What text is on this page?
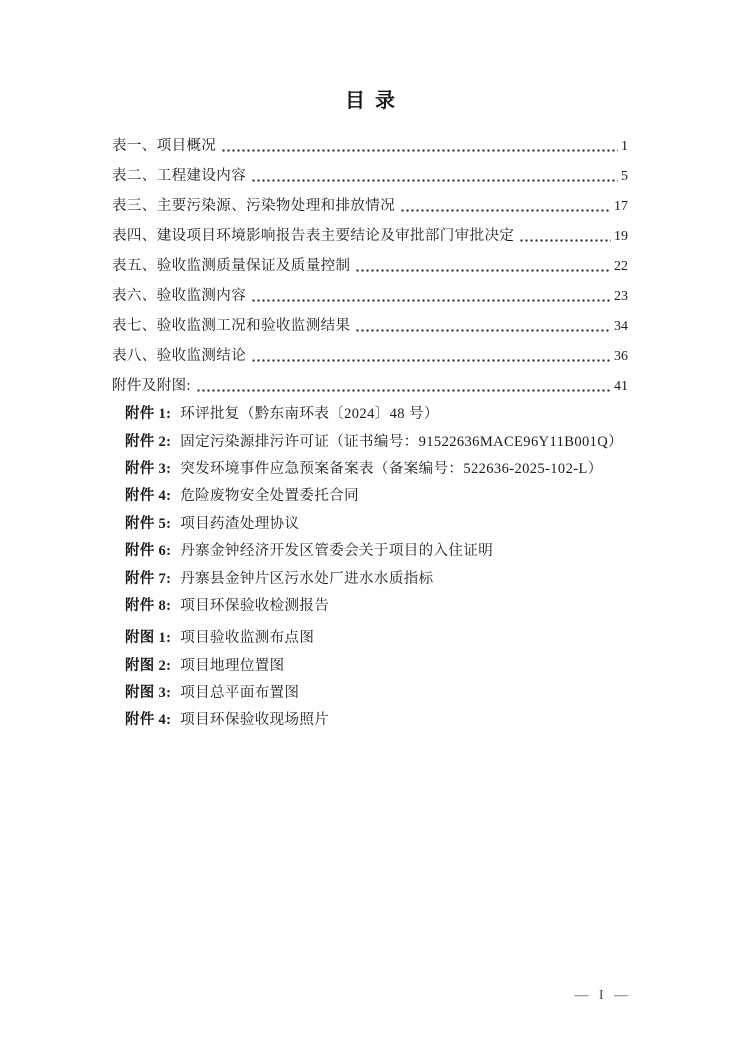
目  录
表一、项目概况	1
表二、工程建设内容	5
表三、主要污染源、污染物处理和排放情况	17
表四、建设项目环境影响报告表主要结论及审批部门审批决定	19
表五、验收监测质量保证及质量控制	22
表六、验收监测内容	23
表七、验收监测工况和验收监测结果	34
表八、验收监测结论	36
附件及附图:	41
附件 1: 环评批复（黔东南环表〔2024〕48 号）
附件 2: 固定污染源排污许可证（证书编号：91522636MACE96Y11B001Q）
附件 3: 突发环境事件应急预案备案表（备案编号：522636-2025-102-L）
附件 4: 危险废物安全处置委托合同
附件 5: 项目药渣处理协议
附件 6: 丹寨金钟经济开发区管委会关于项目的入住证明
附件 7: 丹寨县金钟片区污水处厂进水水质指标
附件 8: 项目环保验收检测报告
附图 1: 项目验收监测布点图
附图 2: 项目地理位置图
附图 3: 项目总平面布置图
附件 4: 项目环保验收现场照片
— I —
